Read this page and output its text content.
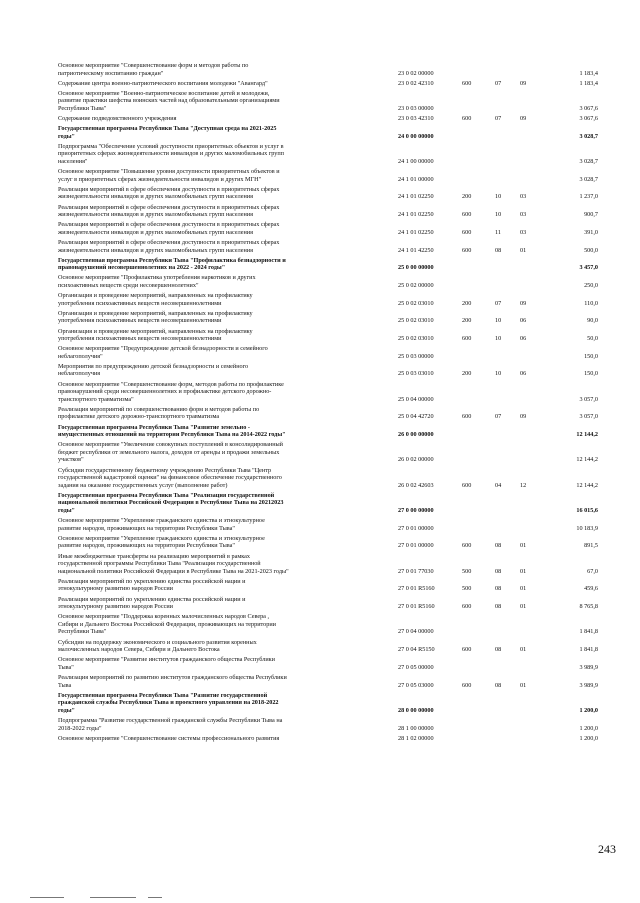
Основное мероприятие "Совершенствование форм и методов работы по
патриотическому воспитанию граждан"	23 0 02 00000	1 183,4
Содержание центра военно-патриотического воспитания молодежи "Авангард"	23 0 02 42310	600	07	09	1 183,4
Основное мероприятие "Военно-патриотическое воспитание детей и молодежи,
развитие практики шефства воинских частей над образовательными организациями
Республики Тыва"	23 0 03 00000	3 067,6
Содержание подведомственного учреждения	23 0 03 42310	600	07	09	3 067,6
Государственная программа Республики Тыва "Доступная среда на 2021-2025
годы"	24 0 00 00000	3 028,7
Подпрограмма "Обеспечение условий доступности приоритетных объектов и услуг в
приоритетных сферах жизнедеятельности инвалидов и других маломобильных групп
населения"	24 1 00 00000	3 028,7
Основное мероприятие "Повышение уровня доступности приоритетных объектов и
услуг в приоритетных сферах жизнедеятельности инвалидов и других МГН"	24 1 01 00000	3 028,7
Реализация мероприятий в сфере обеспечения доступности в приоритетных сферах
жизнедеятельности инвалидов и других маломобильных групп населения	24 1 01 02250	200	10	03	1 237,0
Реализация мероприятий в сфере обеспечения доступности в приоритетных сферах
жизнедеятельности инвалидов и других маломобильных групп населения	24 1 01 02250	600	10	03	900,7
Реализация мероприятий в сфере обеспечения доступности в приоритетных сферах
жизнедеятельности инвалидов и других маломобильных групп населения	24 1 01 02250	600	11	03	391,0
Реализация мероприятий в сфере обеспечения доступности в приоритетных сферах
жизнедеятельности инвалидов и других маломобильных групп населения	24 1 01 42250	600	08	01	500,0
Государственная программа Республики Тыва "Профилактика безнадзорности и
правонарушений несовершеннолетних на 2022 - 2024 годы"	25 0 00 00000	3 457,0
Основное мероприятие "Профилактика употребления наркотиков и других
психоактивных веществ среди несовершеннолетних"	25 0 02 00000	250,0
Организация и проведение мероприятий, направленных на профилактику
употребления психоактивных веществ несовершеннолетними	25 0 02 03010	200	07	09	110,0
Организация и проведение мероприятий, направленных на профилактику
употребления психоактивных веществ несовершеннолетними	25 0 02 03010	200	10	06	90,0
Организация и проведение мероприятий, направленных на профилактику
употребления психоактивных веществ несовершеннолетними	25 0 02 03010	600	10	06	50,0
Основное мероприятие "Предупреждение детской безнадзорности и семейного
неблагополучия"	25 0 03 00000	150,0
Мероприятия по предупреждению детской безнадзорности и семейного
неблагополучия	25 0 03 03010	200	10	06	150,0
Основное мероприятие "Совершенствование форм, методов работы по профилактике
правонарушений среди несовершеннолетних и профилактике детского дорожно-
транспортного травматизма"	25 0 04 00000	3 057,0
Реализация мероприятий по совершенствованию форм и методов работы по
профилактике детского дорожно-транспортного травматизма	25 0 04 42720	600	07	09	3 057,0
Государственная программа Республики Тыва "Развитие земельно -
имущественных отношений на территории Республики Тыва на 2014-2022 годы"	26 0 00 00000	12 144,2
Основное мероприятие "Увеличение совокупных поступлений в консолидированный
бюджет республики от земельного налога, доходов от аренды и продажи земельных
участков"	26 0 02 00000	12 144,2
Субсидии государственному бюджетному учреждению Республики Тыва "Центр
государственной кадастровой оценки" на финансовое обеспечение государственного
задания на оказание государственных услуг (выполнение работ)	26 0 02 42603	600	04	12	12 144,2
Государственная программа Республики Тыва "Реализация государственной
национальной политики Российской Федерации в Республике Тыва на 20212023
годы"	27 0 00 00000	16 015,6
Основное мероприятие "Укрепление гражданского единства и этнокультурное
развитие народов, проживающих на территории Республики Тыва"	27 0 01 00000	10 183,9
Основное мероприятие "Укрепление гражданского единства и этнокультурное
развитие народов, проживающих на территории Республики Тыва"	27 0 01 00000	600	08	01	891,5
Иные межбюджетные трансферты на реализацию мероприятий в рамках
государственной программы Республики Тыва "Реализация государственной
национальной политики Российской Федерации в Республике Тыва на 2021-2023 годы"	27 0 01 77030	500	08	01	67,0
Реализация мероприятий по укреплению единства российской нации и
этнокультурному развитию народов России	27 0 01 R5160	500	08	01	459,6
Реализация мероприятий по укреплению единства российской нации и
этнокультурному развитию народов России	27 0 01 R5160	600	08	01	8 765,8
Основное мероприятие "Поддержка коренных малочисленных народов Севера ,
Сибири и Дальнего Востока Российской Федерации, проживающих на территории
Республики Тыва"	27 0 04 00000	1 841,8
Субсидии на поддержку экономического и социального развития коренных
малочисленных народов Севера, Сибири и Дальнего Востока	27 0 04 R5150	600	08	01	1 841,8
Основное мероприятие "Развитие институтов гражданского общества Республики
Тыва"	27 0 05 00000	3 989,9
Реализация мероприятий по развитию институтов гражданского общества Республики
Тыва	27 0 05 03000	600	08	01	3 989,9
Государственная программа Республики Тыва "Развитие государственной
гражданской службы Республики Тыва и проектного управления на 2018-2022
годы"	28 0 00 00000	1 200,0
Подпрограмма "Развитие государственной гражданской службы Республики Тыва на
2018-2022 годы"	28 1 00 00000	1 200,0
Основное мероприятие "Совершенствование системы профессионального развития	28 1 02 00000	1 200,0
243
